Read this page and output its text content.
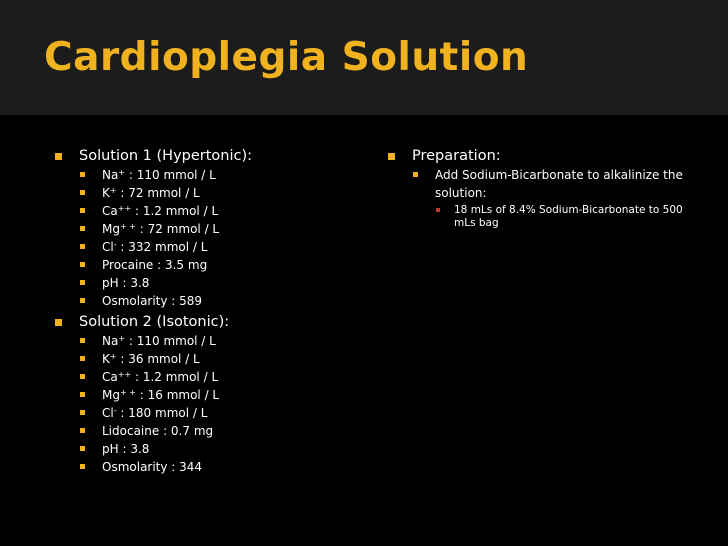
Cardioplegia Solution
Solution 1 (Hypertonic):
Na+ : 110 mmol / L
K+ : 72 mmol / L
Ca++ : 1.2 mmol / L
Mg+ + : 72 mmol / L
Cl- : 332 mmol / L
Procaine : 3.5 mg
pH : 3.8
Osmolarity : 589
Solution 2 (Isotonic):
Na+ : 110 mmol / L
K+ : 36 mmol / L
Ca++ : 1.2 mmol / L
Mg+ + : 16 mmol / L
Cl- : 180 mmol / L
Lidocaine : 0.7 mg
pH : 3.8
Osmolarity : 344
Preparation:
Add Sodium-Bicarbonate to alkalinize the solution:
18 mLs of 8.4% Sodium-Bicarbonate to 500 mLs bag
